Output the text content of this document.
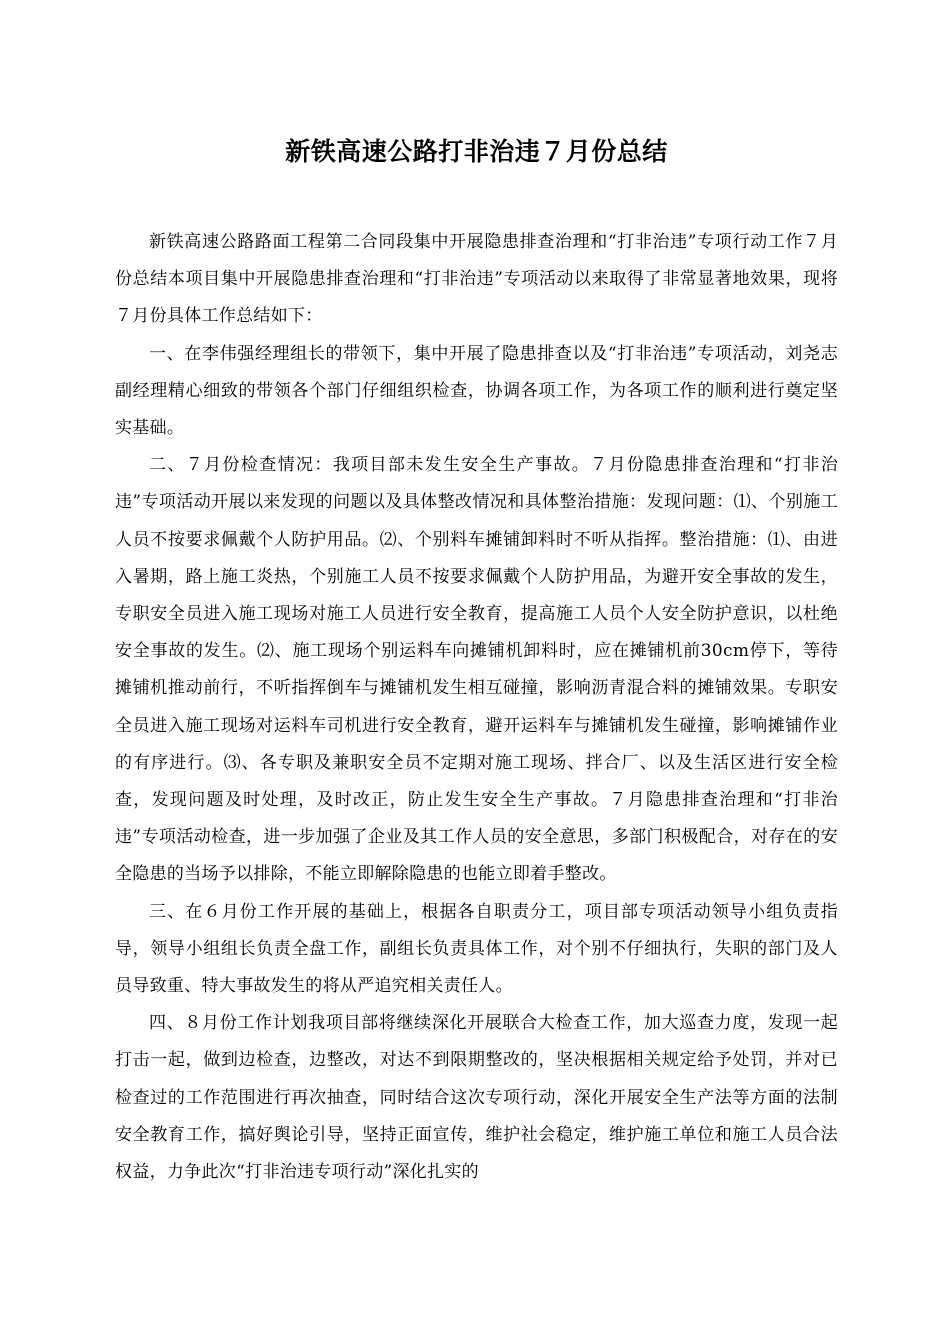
新铁高速公路打非治违７月份总结

新铁高速公路路面工程第二合同段集中开展隐患排查治理和“打非治违”专项行动工作７月份总结本项目集中开展隐患排查治理和“打非治违”专项活动以来取得了非常显著地效果，现将７月份具体工作总结如下：

一、在李伟强经理组长的带领下，集中开展了隐患排查以及“打非治违”专项活动，刘尧志副经理精心细致的带领各个部门仔细组织检查，协调各项工作，为各项工作的顺利进行奠定坚实基础。

二、７月份检查情况：我项目部未发生安全生产事故。７月份隐患排查治理和“打非治违”专项活动开展以来发现的问题以及具体整改情况和具体整治措施：发现问题：⑴、个别施工人员不按要求佩戴个人防护用品。⑵、个别料车摊铺卸料时不听从指挥。整治措施：⑴、由进入暑期，路上施工炎热，个别施工人员不按要求佩戴个人防护用品，为避开安全事故的发生，专职安全员进入施工现场对施工人员进行安全教育，提高施工人员个人安全防护意识，以杜绝安全事故的发生。⑵、施工现场个别运料车向摊铺机卸料时，应在摊铺机前30cm停下，等待摊铺机推动前行，不听指挥倒车与摊铺机发生相互碰撞，影响沥青混合料的摊铺效果。专职安全员进入施工现场对运料车司机进行安全教育，避开运料车与摊铺机发生碰撞，影响摊铺作业的有序进行。⑶、各专职及兼职安全员不定期对施工现场、拌合厂、以及生活区进行安全检查，发现问题及时处理，及时改正，防止发生安全生产事故。７月隐患排查治理和“打非治违”专项活动检查，进一步加强了企业及其工作人员的安全意思，多部门积极配合，对存在的安全隐患的当场予以排除，不能立即解除隐患的也能立即着手整改。

三、在６月份工作开展的基础上，根据各自职责分工，项目部专项活动领导小组负责指导，领导小组组长负责全盘工作，副组长负责具体工作，对个别不仔细执行，失职的部门及人员导致重、特大事故发生的将从严追究相关责任人。

四、８月份工作计划我项目部将继续深化开展联合大检查工作，加大巡查力度，发现一起打击一起，做到边检查，边整改，对达不到限期整改的，坚决根据相关规定给予处罚，并对已检查过的工作范围进行再次抽查，同时结合这次专项行动，深化开展安全生产法等方面的法制安全教育工作，搞好舆论引导，坚持正面宣传，维护社会稳定，维护施工单位和施工人员合法权益，力争此次“打非治违专项行动”深化扎实的
